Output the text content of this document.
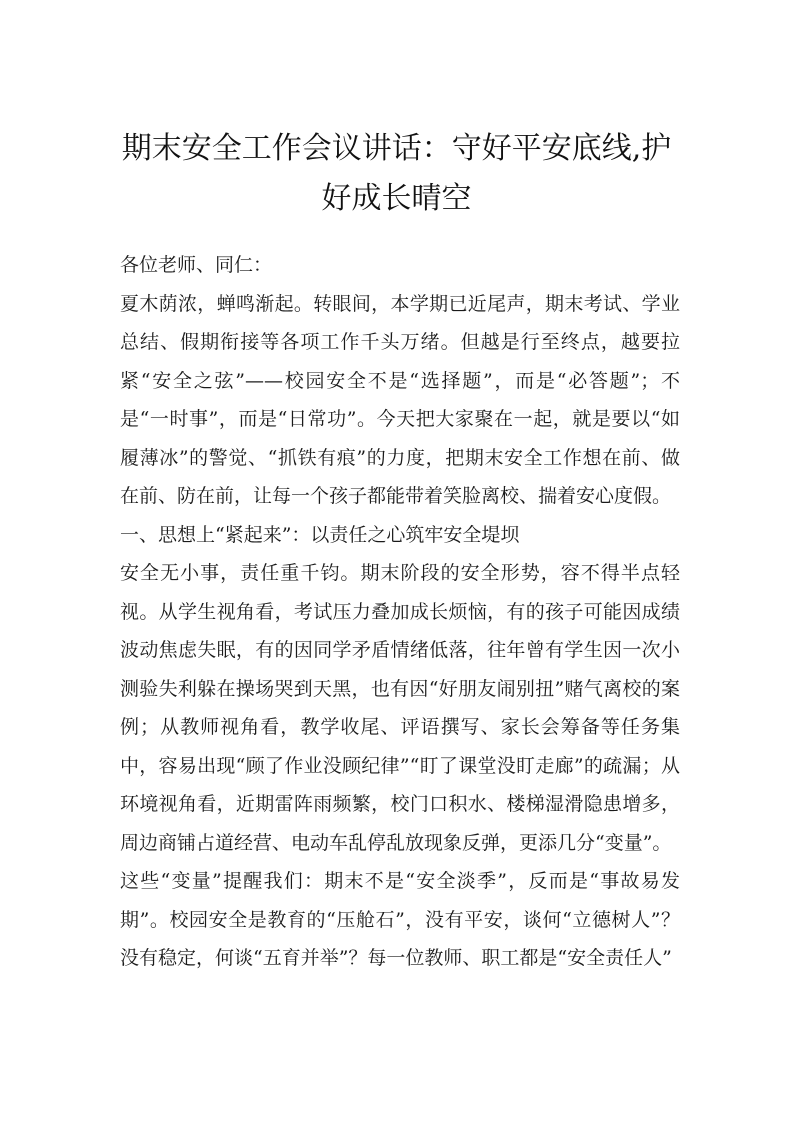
期末安全工作会议讲话：守好平安底线,护好成长晴空

各位老师、同仁：

夏木荫浓，蝉鸣渐起。转眼间，本学期已近尾声，期末考试、学业总结、假期衔接等各项工作千头万绪。但越是行至终点，越要拉紧“安全之弦”——校园安全不是“选择题”，而是“必答题”；不是“一时事”，而是“日常功”。今天把大家聚在一起，就是要以“如履薄冰”的警觉、“抓铁有痕”的力度，把期末安全工作想在前、做在前、防在前，让每一个孩子都能带着笑脸离校、揣着安心度假。

一、思想上“紧起来”：以责任之心筑牢安全堤坝

安全无小事，责任重千钧。期末阶段的安全形势，容不得半点轻视。从学生视角看，考试压力叠加成长烦恼，有的孩子可能因成绩波动焦虑失眠，有的因同学矛盾情绪低落，往年曾有学生因一次小测验失利躲在操场哭到天黑，也有因“好朋友闹别扭”赌气离校的案例；从教师视角看，教学收尾、评语撰写、家长会筹备等任务集中，容易出现“顾了作业没顾纪律”“盯了课堂没盯走廊”的疏漏；从环境视角看，近期雷阵雨频繁，校门口积水、楼梯湿滑隐患增多，周边商铺占道经营、电动车乱停乱放现象反弹，更添几分“变量”。

这些“变量”提醒我们：期末不是“安全淡季”，反而是“事故易发期”。校园安全是教育的“压舱石”，没有平安，谈何“立德树人”？没有稳定，何谈“五育并举”？每一位教师、职工都是“安全责任人”
